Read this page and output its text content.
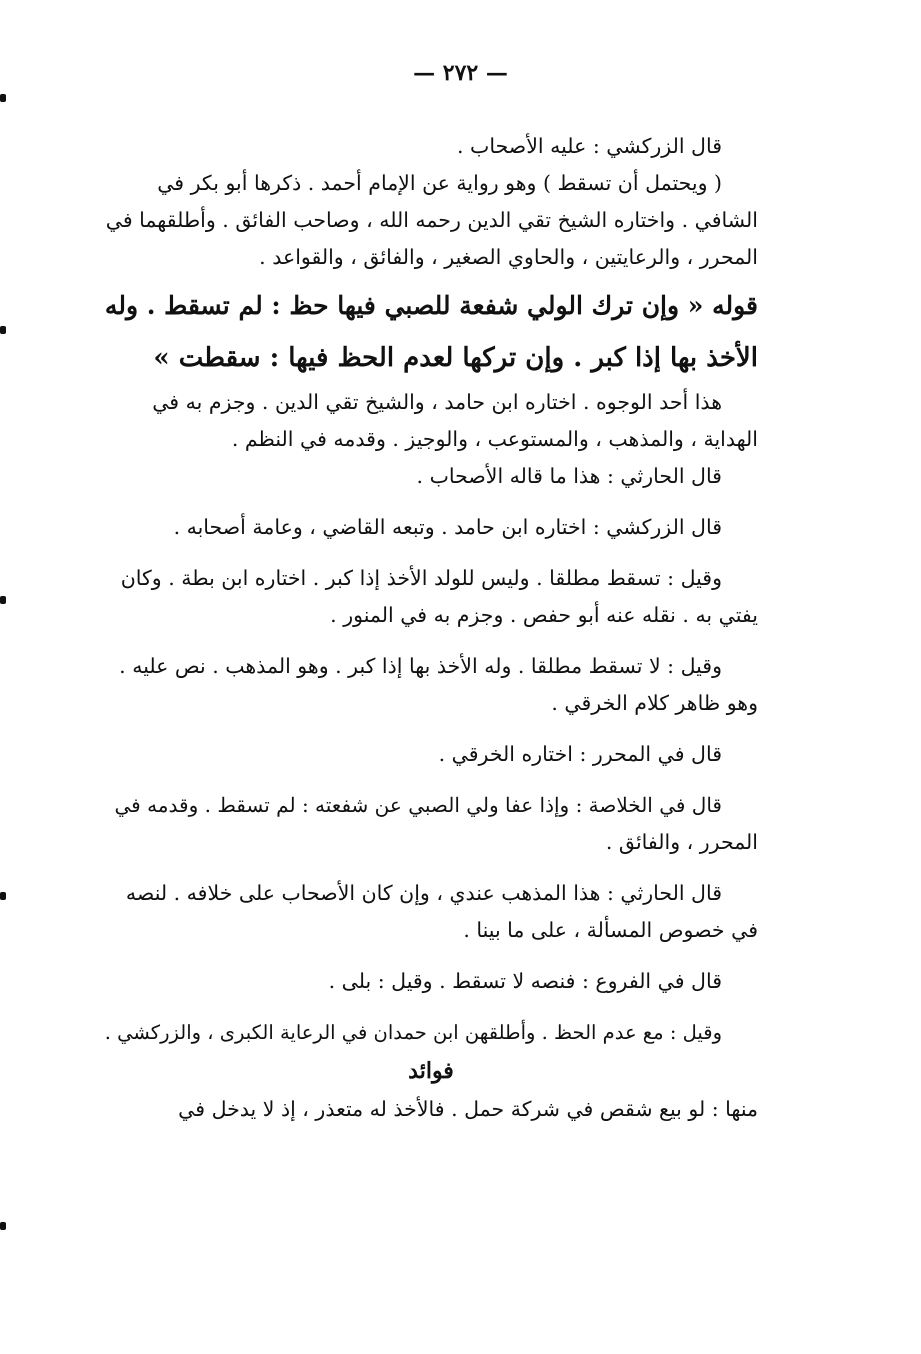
— ٢٧٢ —
قال الزركشي : عليه الأصحاب .
( ويحتمل أن تسقط ) وهو رواية عن الإمام أحمد . ذكرها أبو بكر في
الشافي . واختاره الشيخ تقي الدين رحمه الله ، وصاحب الفائق . وأطلقهما في
المحرر ، والرعايتين ، والحاوي الصغير ، والفائق ، والقواعد .
قوله « وإن ترك الولي شفعة للصبي فيها حظ : لم تسقط . وله
الأخذ بها إذا كبر . وإن تركها لعدم الحظ فيها : سقطت »
هذا أحد الوجوه . اختاره ابن حامد ، والشيخ تقي الدين . وجزم به في
الهداية ، والمذهب ، والمستوعب ، والوجيز . وقدمه في النظم .
قال الحارثي : هذا ما قاله الأصحاب .
قال الزركشي : اختاره ابن حامد . وتبعه القاضي ، وعامة أصحابه .
وقيل : تسقط مطلقا . وليس للولد الأخذ إذا كبر . اختاره ابن بطة . وكان
يفتي به . نقله عنه أبو حفص . وجزم به في المنور .
وقيل : لا تسقط مطلقا . وله الأخذ بها إذا كبر . وهو المذهب . نص عليه .
وهو ظاهر كلام الخرقي .
قال في المحرر : اختاره الخرقي .
قال في الخلاصة : وإذا عفا ولي الصبي عن شفعته : لم تسقط . وقدمه في
المحرر ، والفائق .
قال الحارثي : هذا المذهب عندي ، وإن كان الأصحاب على خلافه . لنصه
في خصوص المسألة ، على ما بينا .
قال في الفروع : فنصه لا تسقط . وقيل : بلى .
وقيل : مع عدم الحظ . وأطلقهن ابن حمدان في الرعاية الكبرى ، والزركشي .
فوائد
منها : لو بيع شقص في شركة حمل . فالأخذ له متعذر ، إذ لا يدخل في
